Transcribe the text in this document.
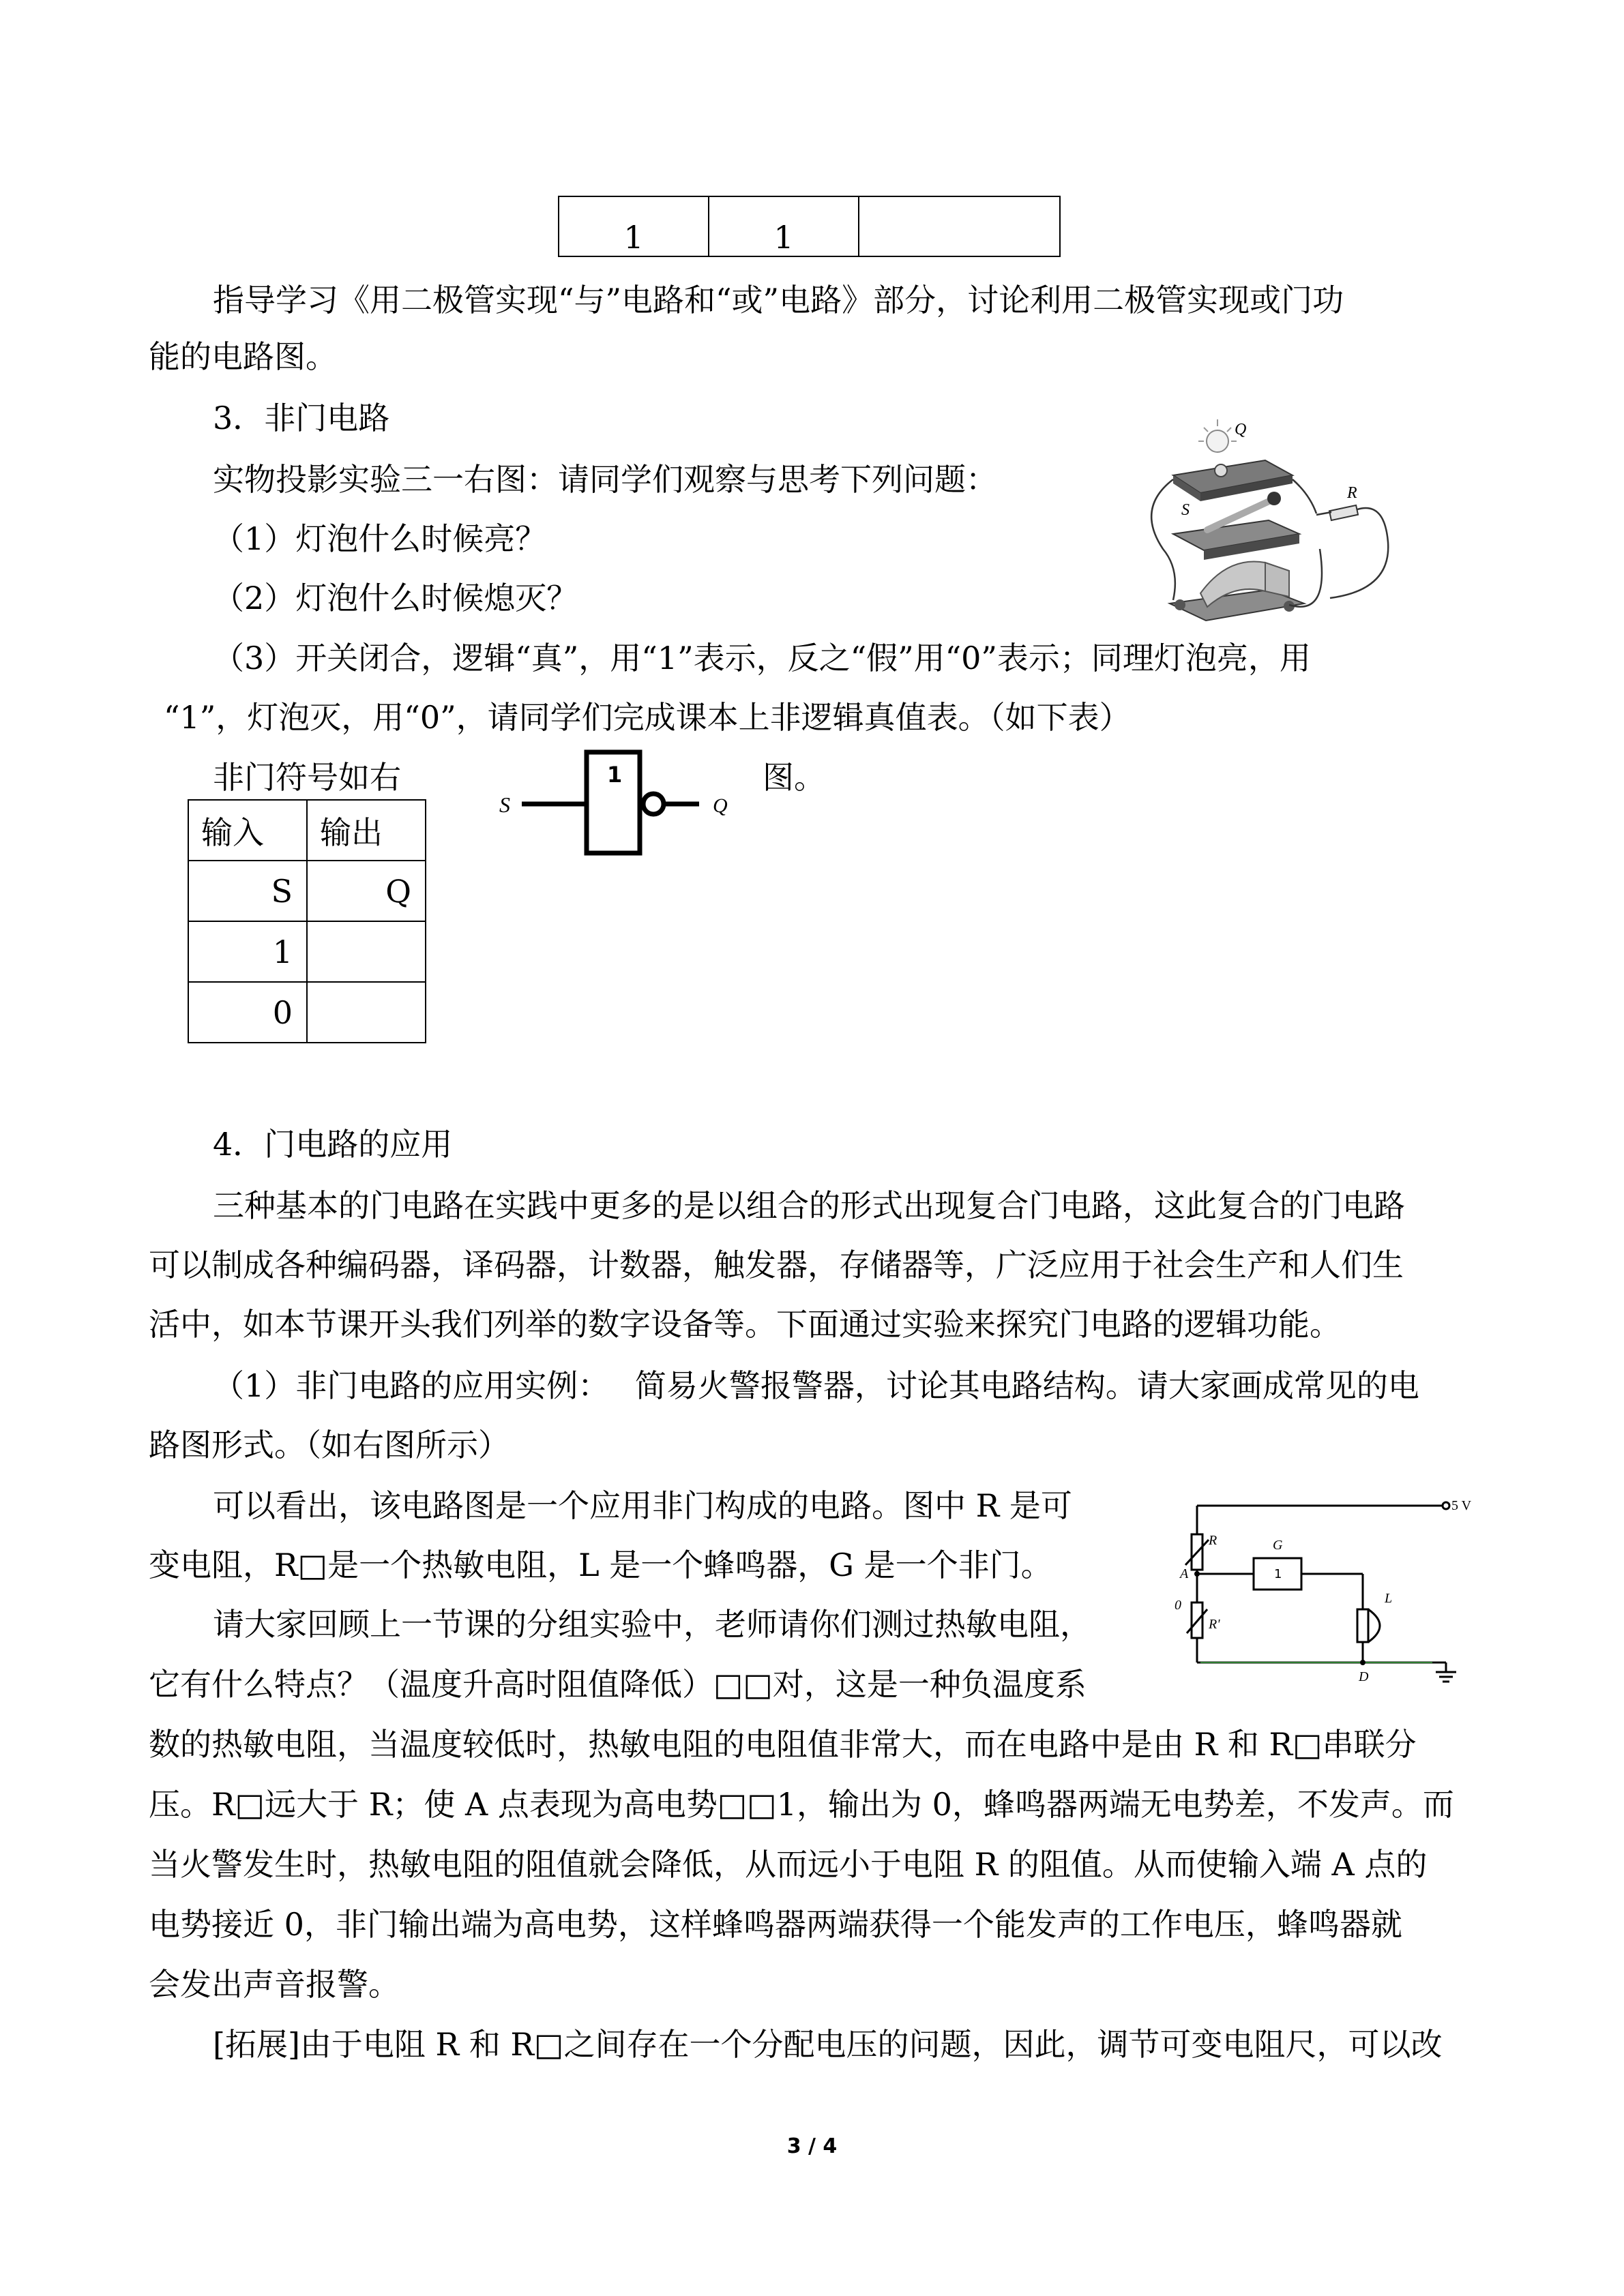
1	1	
指导学习《用二极管实现“与”电路和“或”电路》部分，讨论利用二极管实现或门功
能的电路图。
3．非门电路
实物投影实验三一右图：请同学们观察与思考下列问题：
（1）灯泡什么时候亮？
（2）灯泡什么时候熄灭？
（3）开关闭合，逻辑“真”，用“1”表示，反之“假”用“0”表示；同理灯泡亮，用
“1”，灯泡灭，用“0”，请同学们完成课本上非逻辑真值表。（如下表）
非门符号如右	图。
Q
S
R
S
1
Q
输入	输出
S	Q
1	
0	
4．门电路的应用
三种基本的门电路在实践中更多的是以组合的形式出现复合门电路，这此复合的门电路
可以制成各种编码器，译码器，计数器，触发器，存储器等，广泛应用于社会生产和人们生
活中，如本节课开头我们列举的数字设备等。下面通过实验来探究门电路的逻辑功能。
（1）非门电路的应用实例：　 简易火警报警器，讨论其电路结构。请大家画成常见的电
路图形式。（如右图所示）
可以看出，该电路图是一个应用非门构成的电路。图中 R 是可
变电阻，R□是一个热敏电阻，L 是一个蜂鸣器，G 是一个非门。
请大家回顾上一节课的分组实验中，老师请你们测过热敏电阻，
它有什么特点？（温度升高时阻值降低）□□对，这是一种负温度系
数的热敏电阻，当温度较低时，热敏电阻的电阻值非常大，而在电路中是由 R 和 R□串联分
压。R□远大于 R；使 A 点表现为高电势□□1，输出为 0，蜂鸣器两端无电势差，不发声。而
当火警发生时，热敏电阻的阻值就会降低，从而远小于电阻 R 的阻值。从而使输入端 A 点的
电势接近 0，非门输出端为高电势，这样蜂鸣器两端获得一个能发声的工作电压，蜂鸣器就
会发出声音报警。
[拓展]由于电阻 R 和 R□之间存在一个分配电压的问题，因此，调节可变电阻尺，可以改
5 V
R	G
1
A
0
R'
L
D
3 / 4
